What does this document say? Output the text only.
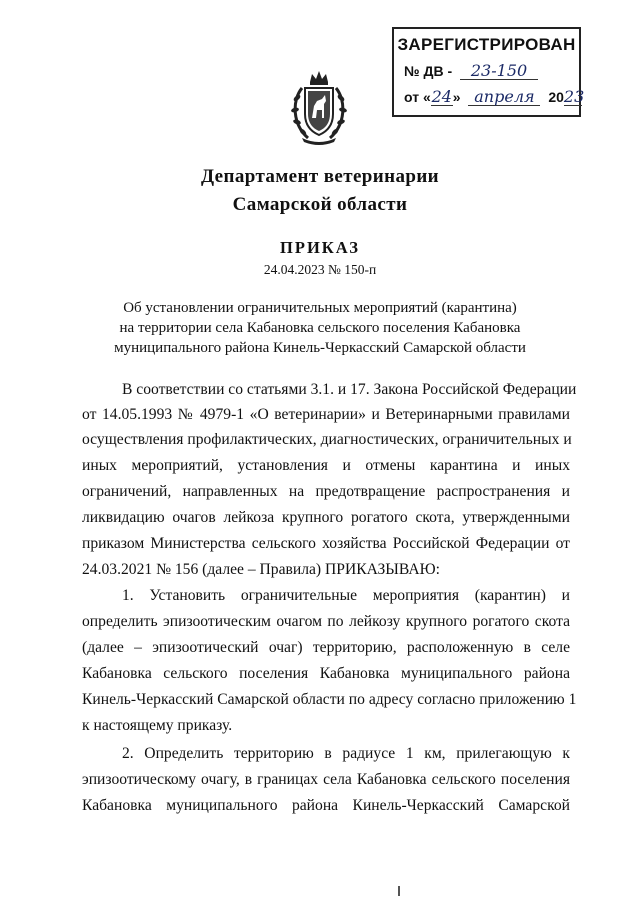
ЗАРЕГИСТРИРОВАН
№ ДВ - 23-150
от «24» апреля 2023
Департамент ветеринарии
Самарской области
ПРИКАЗ
24.04.2023 № 150-п
Об установлении ограничительных мероприятий (карантина)
на территории села Кабановка сельского поселения Кабановка
муниципального района Кинель-Черкасский Самарской области
В соответствии со статьями 3.1. и 17. Закона Российской Федерации
от 14.05.1993 № 4979-1 «О ветеринарии» и Ветеринарными правилами
осуществления профилактических, диагностических, ограничительных и
иных мероприятий, установления и отмены карантина и иных
ограничений, направленных на предотвращение распространения и
ликвидацию очагов лейкоза крупного рогатого скота, утвержденными
приказом Министерства сельского хозяйства Российской Федерации от
24.03.2021 № 156 (далее – Правила) ПРИКАЗЫВАЮ:
1. Установить ограничительные мероприятия (карантин) и
определить эпизоотическим очагом по лейкозу крупного рогатого скота
(далее – эпизоотический очаг) территорию, расположенную в селе
Кабановка сельского поселения Кабановка муниципального района
Кинель-Черкасский Самарской области по адресу согласно приложению 1
к настоящему приказу.
2. Определить территорию в радиусе 1 км, прилегающую к
эпизоотическому очагу, в границах села Кабановка сельского поселения
Кабановка муниципального района Кинель-Черкасский Самарской
